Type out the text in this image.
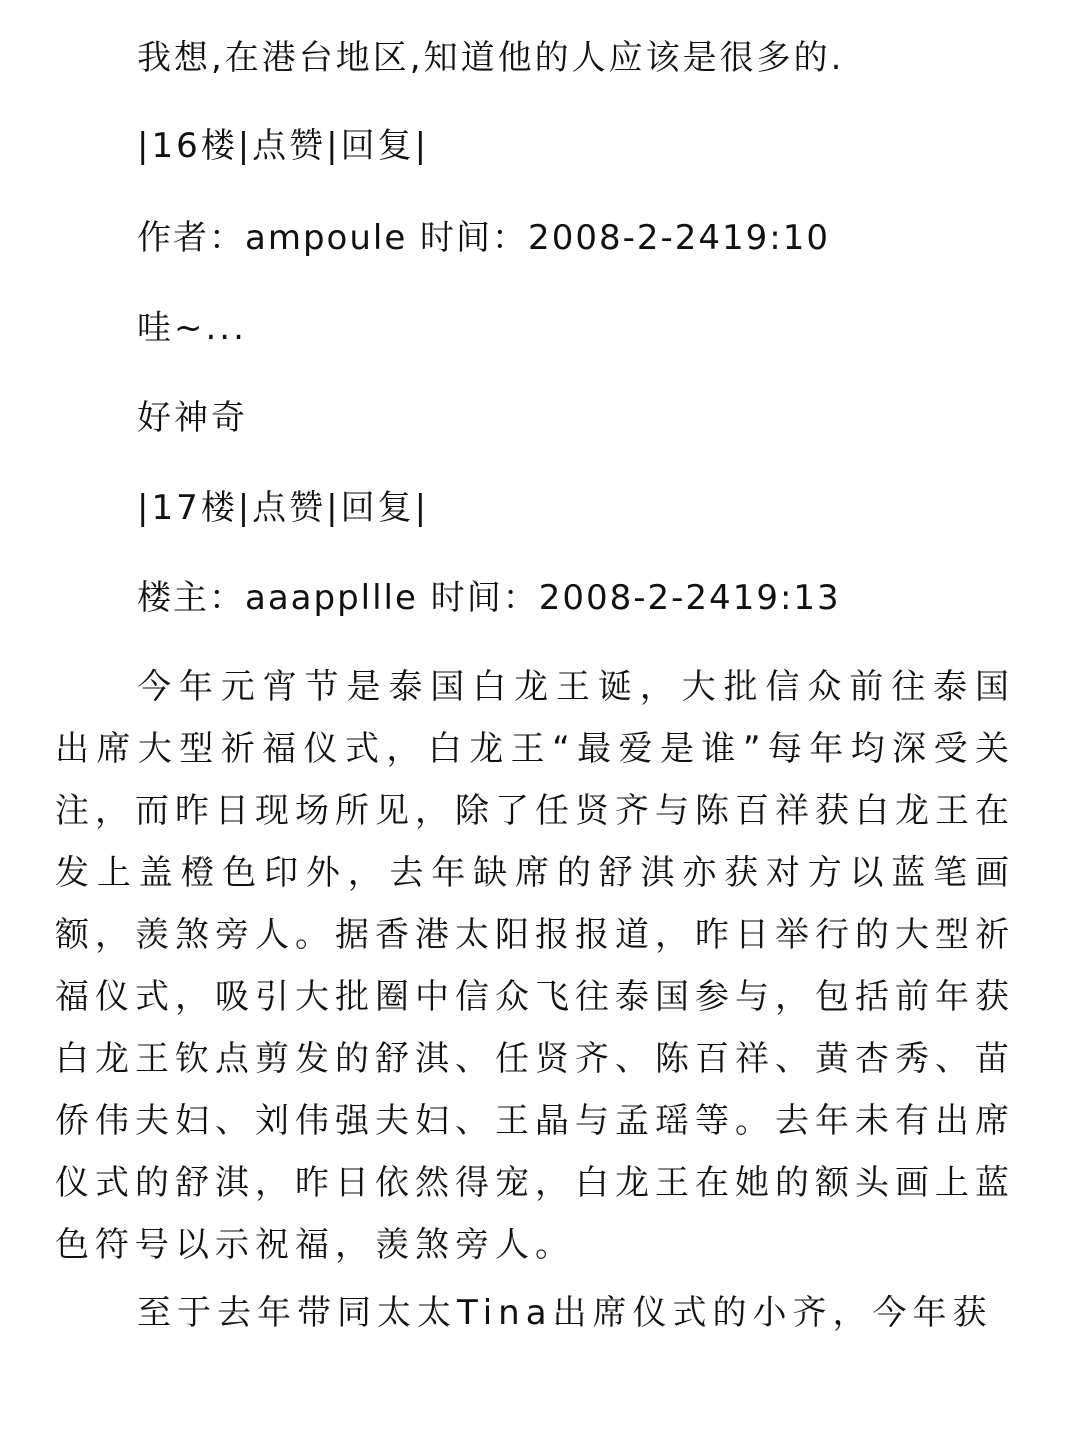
我想,在港台地区,知道他的人应该是很多的.
|16楼|点赞|回复|
作者：ampoule 时间：2008-2-2419:10
哇~...
好神奇
|17楼|点赞|回复|
楼主：aaappllle 时间：2008-2-2419:13
今年元宵节是泰国白龙王诞，大批信众前往泰国出席大型祈福仪式，白龙王“最爱是谁”每年均深受关注，而昨日现场所见，除了任贤齐与陈百祥获白龙王在发上盖橙色印外，去年缺席的舒淇亦获对方以蓝笔画额，羡煞旁人。据香港太阳报报道，昨日举行的大型祈福仪式，吸引大批圈中信众飞往泰国参与，包括前年获白龙王钦点剪发的舒淇、任贤齐、陈百祥、黄杏秀、苗侨伟夫妇、刘伟强夫妇、王晶与孟瑶等。去年未有出席仪式的舒淇，昨日依然得宠，白龙王在她的额头画上蓝色符号以示祝福，羡煞旁人。
至于去年带同太太Tina出席仪式的小齐，今年获
